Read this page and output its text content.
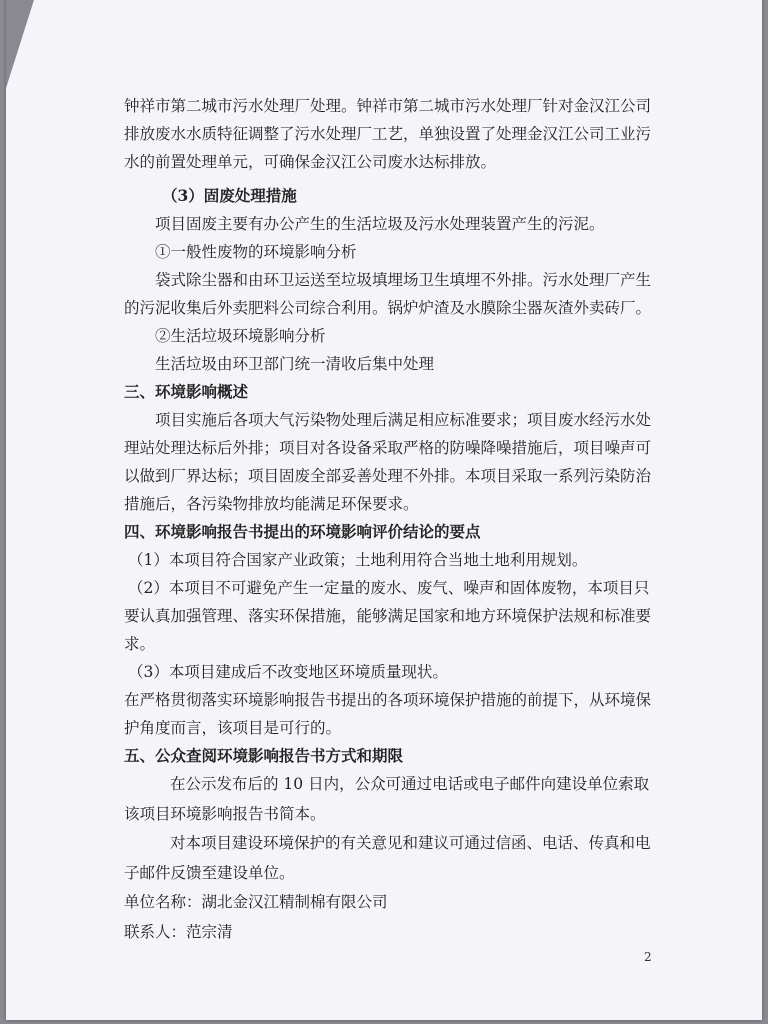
钟祥市第二城市污水处理厂处理。钟祥市第二城市污水处理厂针对金汉江公司排放废水水质特征调整了污水处理厂工艺，单独设置了处理金汉江公司工业污水的前置处理单元，可确保金汉江公司废水达标排放。

（3）固废处理措施

项目固废主要有办公产生的生活垃圾及污水处理装置产生的污泥。

①一般性废物的环境影响分析

袋式除尘器和由环卫运送至垃圾填埋场卫生填埋不外排。污水处理厂产生的污泥收集后外卖肥料公司综合利用。锅炉炉渣及水膜除尘器灰渣外卖砖厂。

②生活垃圾环境影响分析

生活垃圾由环卫部门统一清收后集中处理

三、环境影响概述

项目实施后各项大气污染物处理后满足相应标准要求；项目废水经污水处理站处理达标后外排；项目对各设备采取严格的防噪降噪措施后，项目噪声可以做到厂界达标；项目固废全部妥善处理不外排。本项目采取一系列污染防治措施后，各污染物排放均能满足环保要求。

四、环境影响报告书提出的环境影响评价结论的要点

（1）本项目符合国家产业政策；土地利用符合当地土地利用规划。

（2）本项目不可避免产生一定量的废水、废气、噪声和固体废物，本项目只要认真加强管理、落实环保措施，能够满足国家和地方环境保护法规和标准要求。

（3）本项目建成后不改变地区环境质量现状。

在严格贯彻落实环境影响报告书提出的各项环境保护措施的前提下，从环境保护角度而言，该项目是可行的。

五、公众查阅环境影响报告书方式和期限

在公示发布后的 10 日内，公众可通过电话或电子邮件向建设单位索取该项目环境影响报告书简本。

对本项目建设环境保护的有关意见和建议可通过信函、电话、传真和电子邮件反馈至建设单位。

单位名称：湖北金汉江精制棉有限公司

联系人：范宗清

2
